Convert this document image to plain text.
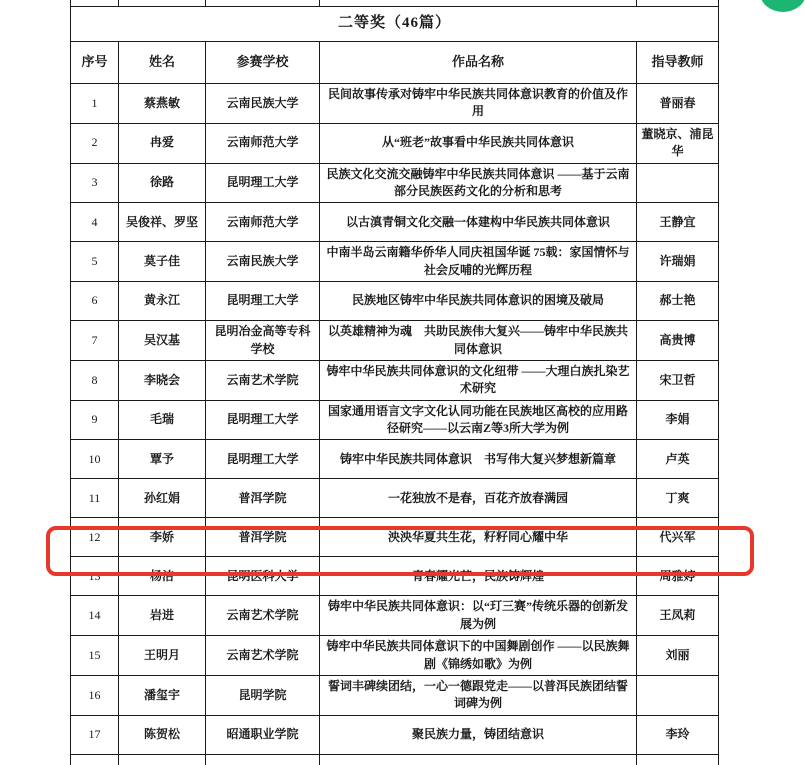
二等奖（46篇）				
序号	姓名	参赛学校	作品名称	指导教师
1	蔡燕敏	云南民族大学	民间故事传承对铸牢中华民族共同体意识教育的价值及作用	普丽春
2	冉爱	云南师范大学	从“班老”故事看中华民族共同体意识	董晓京、浦昆华
3	徐路	昆明理工大学	民族文化交流交融铸牢中华民族共同体意识 ——基于云南部分民族医药文化的分析和思考	
4	吴俊祥、罗坚	云南师范大学	以古滇青铜文化交融一体建构中华民族共同体意识	王静宜
5	莫子佳	云南民族大学	中南半岛云南籍华侨华人同庆祖国华诞 75载：家国情怀与社会反哺的光辉历程	许瑞娟
6	黄永江	昆明理工大学	民族地区铸牢中华民族共同体意识的困境及破局	郝士艳
7	吴汉基	昆明冶金高等专科学校	以英雄精神为魂　共助民族伟大复兴——铸牢中华民族共同体意识	高贵博
8	李晓会	云南艺术学院	铸牢中华民族共同体意识的文化纽带 ——大理白族扎染艺术研究	宋卫哲
9	毛瑞	昆明理工大学	国家通用语言文字文化认同功能在民族地区高校的应用路径研究——以云南Z等3所大学为例	李娟
10	覃予	昆明理工大学	铸牢中华民族共同体意识　书写伟大复兴梦想新篇章	卢英
11	孙红娟	普洱学院	一花独放不是春，百花齐放春满园	丁爽
12	李娇	普洱学院	泱泱华夏共生花，籽籽同心耀中华	代兴军
13	杨洁	昆明医科大学	青春耀光芒，民族铸辉煌	周雅婷
14	岩进	云南艺术学院	铸牢中华民族共同体意识：以“玎三赛”传统乐器的创新发展为例	王凤莉
15	王明月	云南艺术学院	铸牢中华民族共同体意识下的中国舞剧创作 ——以民族舞剧《锦绣如歌》为例	刘丽
16	潘玺宇	昆明学院	誓词丰碑续团结，一心一德跟党走——以普洱民族团结誓词碑为例	
17	陈贺松	昭通职业学院	聚民族力量，铸团结意识	李玲
